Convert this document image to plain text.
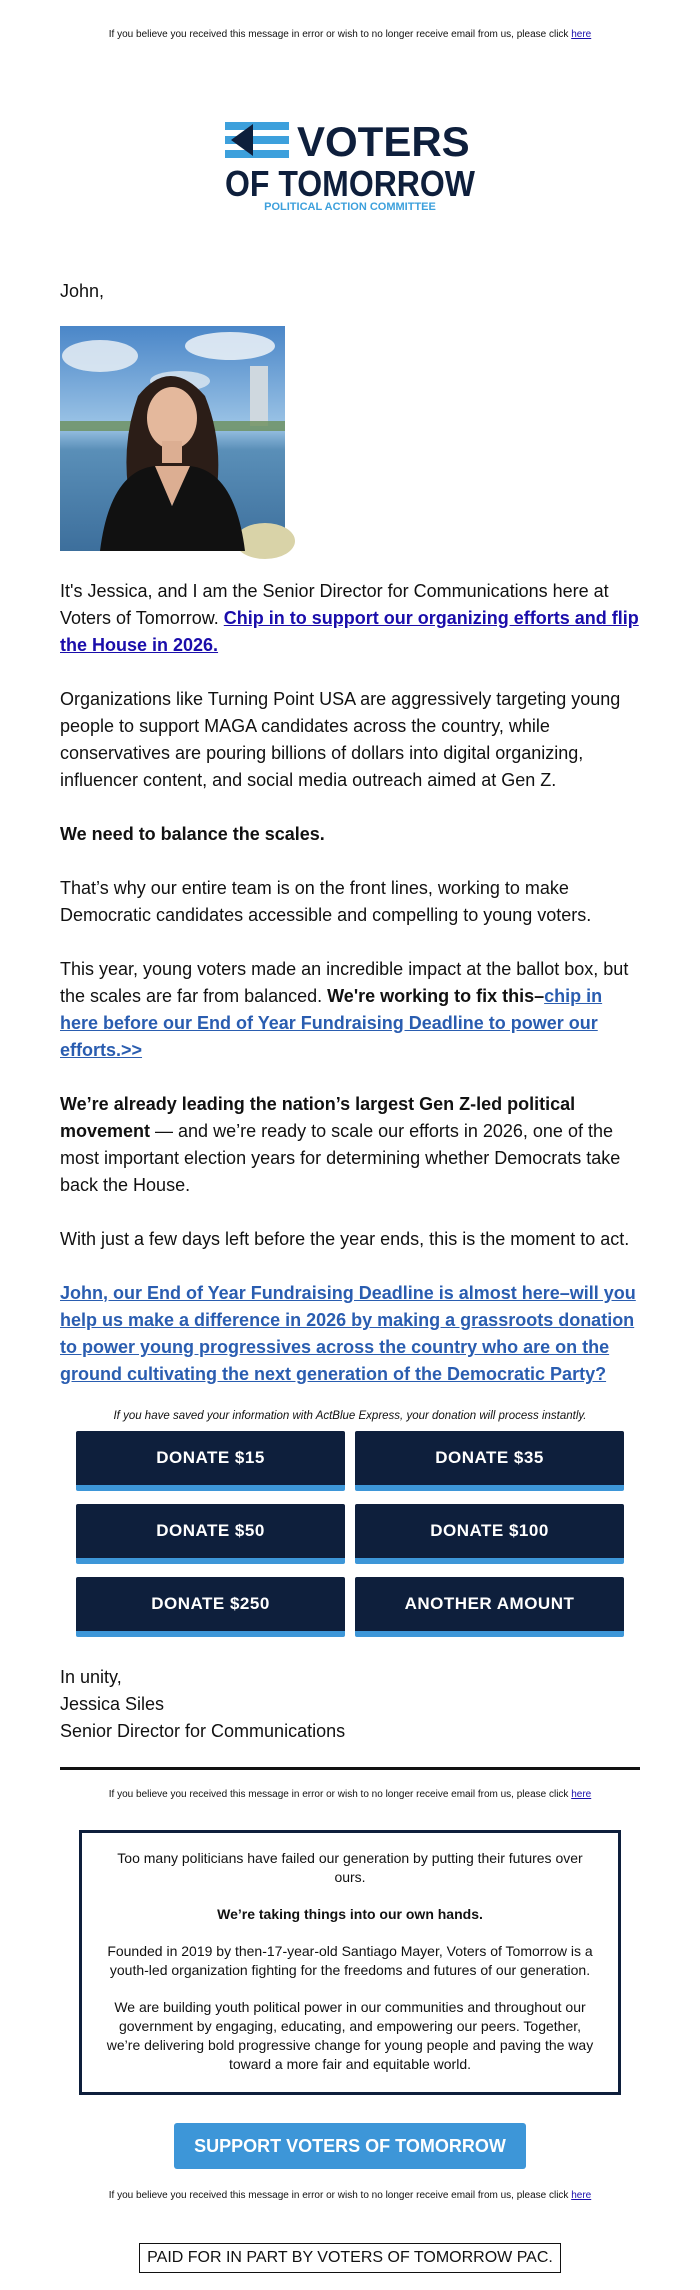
If you believe you received this message in error or wish to no longer receive email from us, please click here
VOTERS
OF TOMORROW
POLITICAL ACTION COMMITTEE
John,

It's Jessica, and I am the Senior Director for Communications here at Voters of Tomorrow. Chip in to support our organizing efforts and flip the House in 2026.

Organizations like Turning Point USA are aggressively targeting young people to support MAGA candidates across the country, while conservatives are pouring billions of dollars into digital organizing, influencer content, and social media outreach aimed at Gen Z.

We need to balance the scales.

That’s why our entire team is on the front lines, working to make Democratic candidates accessible and compelling to young voters.

This year, young voters made an incredible impact at the ballot box, but the scales are far from balanced. We're working to fix this–chip in here before our End of Year Fundraising Deadline to power our efforts.>>

We’re already leading the nation’s largest Gen Z-led political movement — and we’re ready to scale our efforts in 2026, one of the most important election years for determining whether Democrats take back the House.

With just a few days left before the year ends, this is the moment to act.

John, our End of Year Fundraising Deadline is almost here–will you help us make a difference in 2026 by making a grassroots donation to power young progressives across the country who are on the ground cultivating the next generation of the Democratic Party?

If you have saved your information with ActBlue Express, your donation will process instantly.
DONATE $15	DONATE $35
DONATE $50	DONATE $100
DONATE $250	ANOTHER AMOUNT
In unity,
Jessica Siles
Senior Director for Communications
If you believe you received this message in error or wish to no longer receive email from us, please click here

Too many politicians have failed our generation by putting their futures over ours.

We’re taking things into our own hands.

Founded in 2019 by then-17-year-old Santiago Mayer, Voters of Tomorrow is a youth-led organization fighting for the freedoms and futures of our generation.

We are building youth political power in our communities and throughout our government by engaging, educating, and empowering our peers. Together, we’re delivering bold progressive change for young people and paving the way toward a more fair and equitable world.

SUPPORT VOTERS OF TOMORROW
If you believe you received this message in error or wish to no longer receive email from us, please click here
PAID FOR IN PART BY VOTERS OF TOMORROW PAC.
